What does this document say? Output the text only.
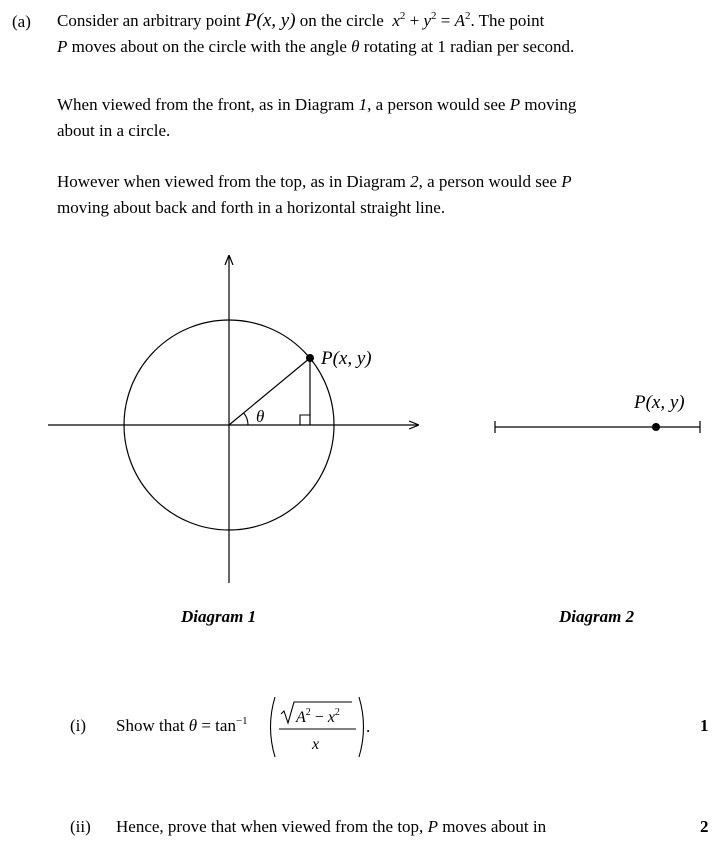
(a) Consider an arbitrary point P(x, y) on the circle $x^2 + y^2 = A^2$. The point
P moves about on the circle with the angle θ rotating at 1 radian per second.
When viewed from the front, as in Diagram 1, a person would see P moving
about in a circle.
However when viewed from the top, as in Diagram 2, a person would see P
moving about back and forth in a horizontal straight line.
P(x, y)
θ
P(x, y)
$A^2 - x^2$
x
.
Diagram 1	Diagram 2
(i) Show that $\theta = \tan^{-1}$	1
(ii) Hence, prove that when viewed from the top, P moves about in	2
